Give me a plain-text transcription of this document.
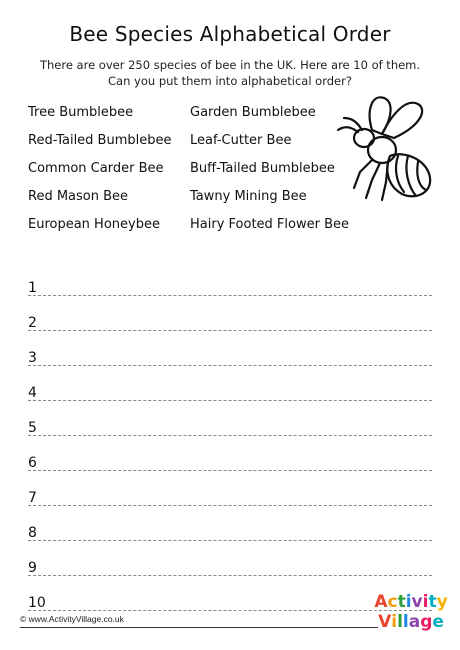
Bee Species Alphabetical Order
There are over 250 species of bee in the UK. Here are 10 of them.
Can you put them into alphabetical order?
Tree Bumblebee	Garden Bumblebee
Red-Tailed Bumblebee	Leaf-Cutter Bee
Common Carder Bee	Buff-Tailed Bumblebee
Red Mason Bee	Tawny Mining Bee
European Honeybee	Hairy Footed Flower Bee
1
2
3
4
5
6
7
8
9
10
© www.ActivityVillage.co.uk
A c t i v i t y
V i l l a g e
